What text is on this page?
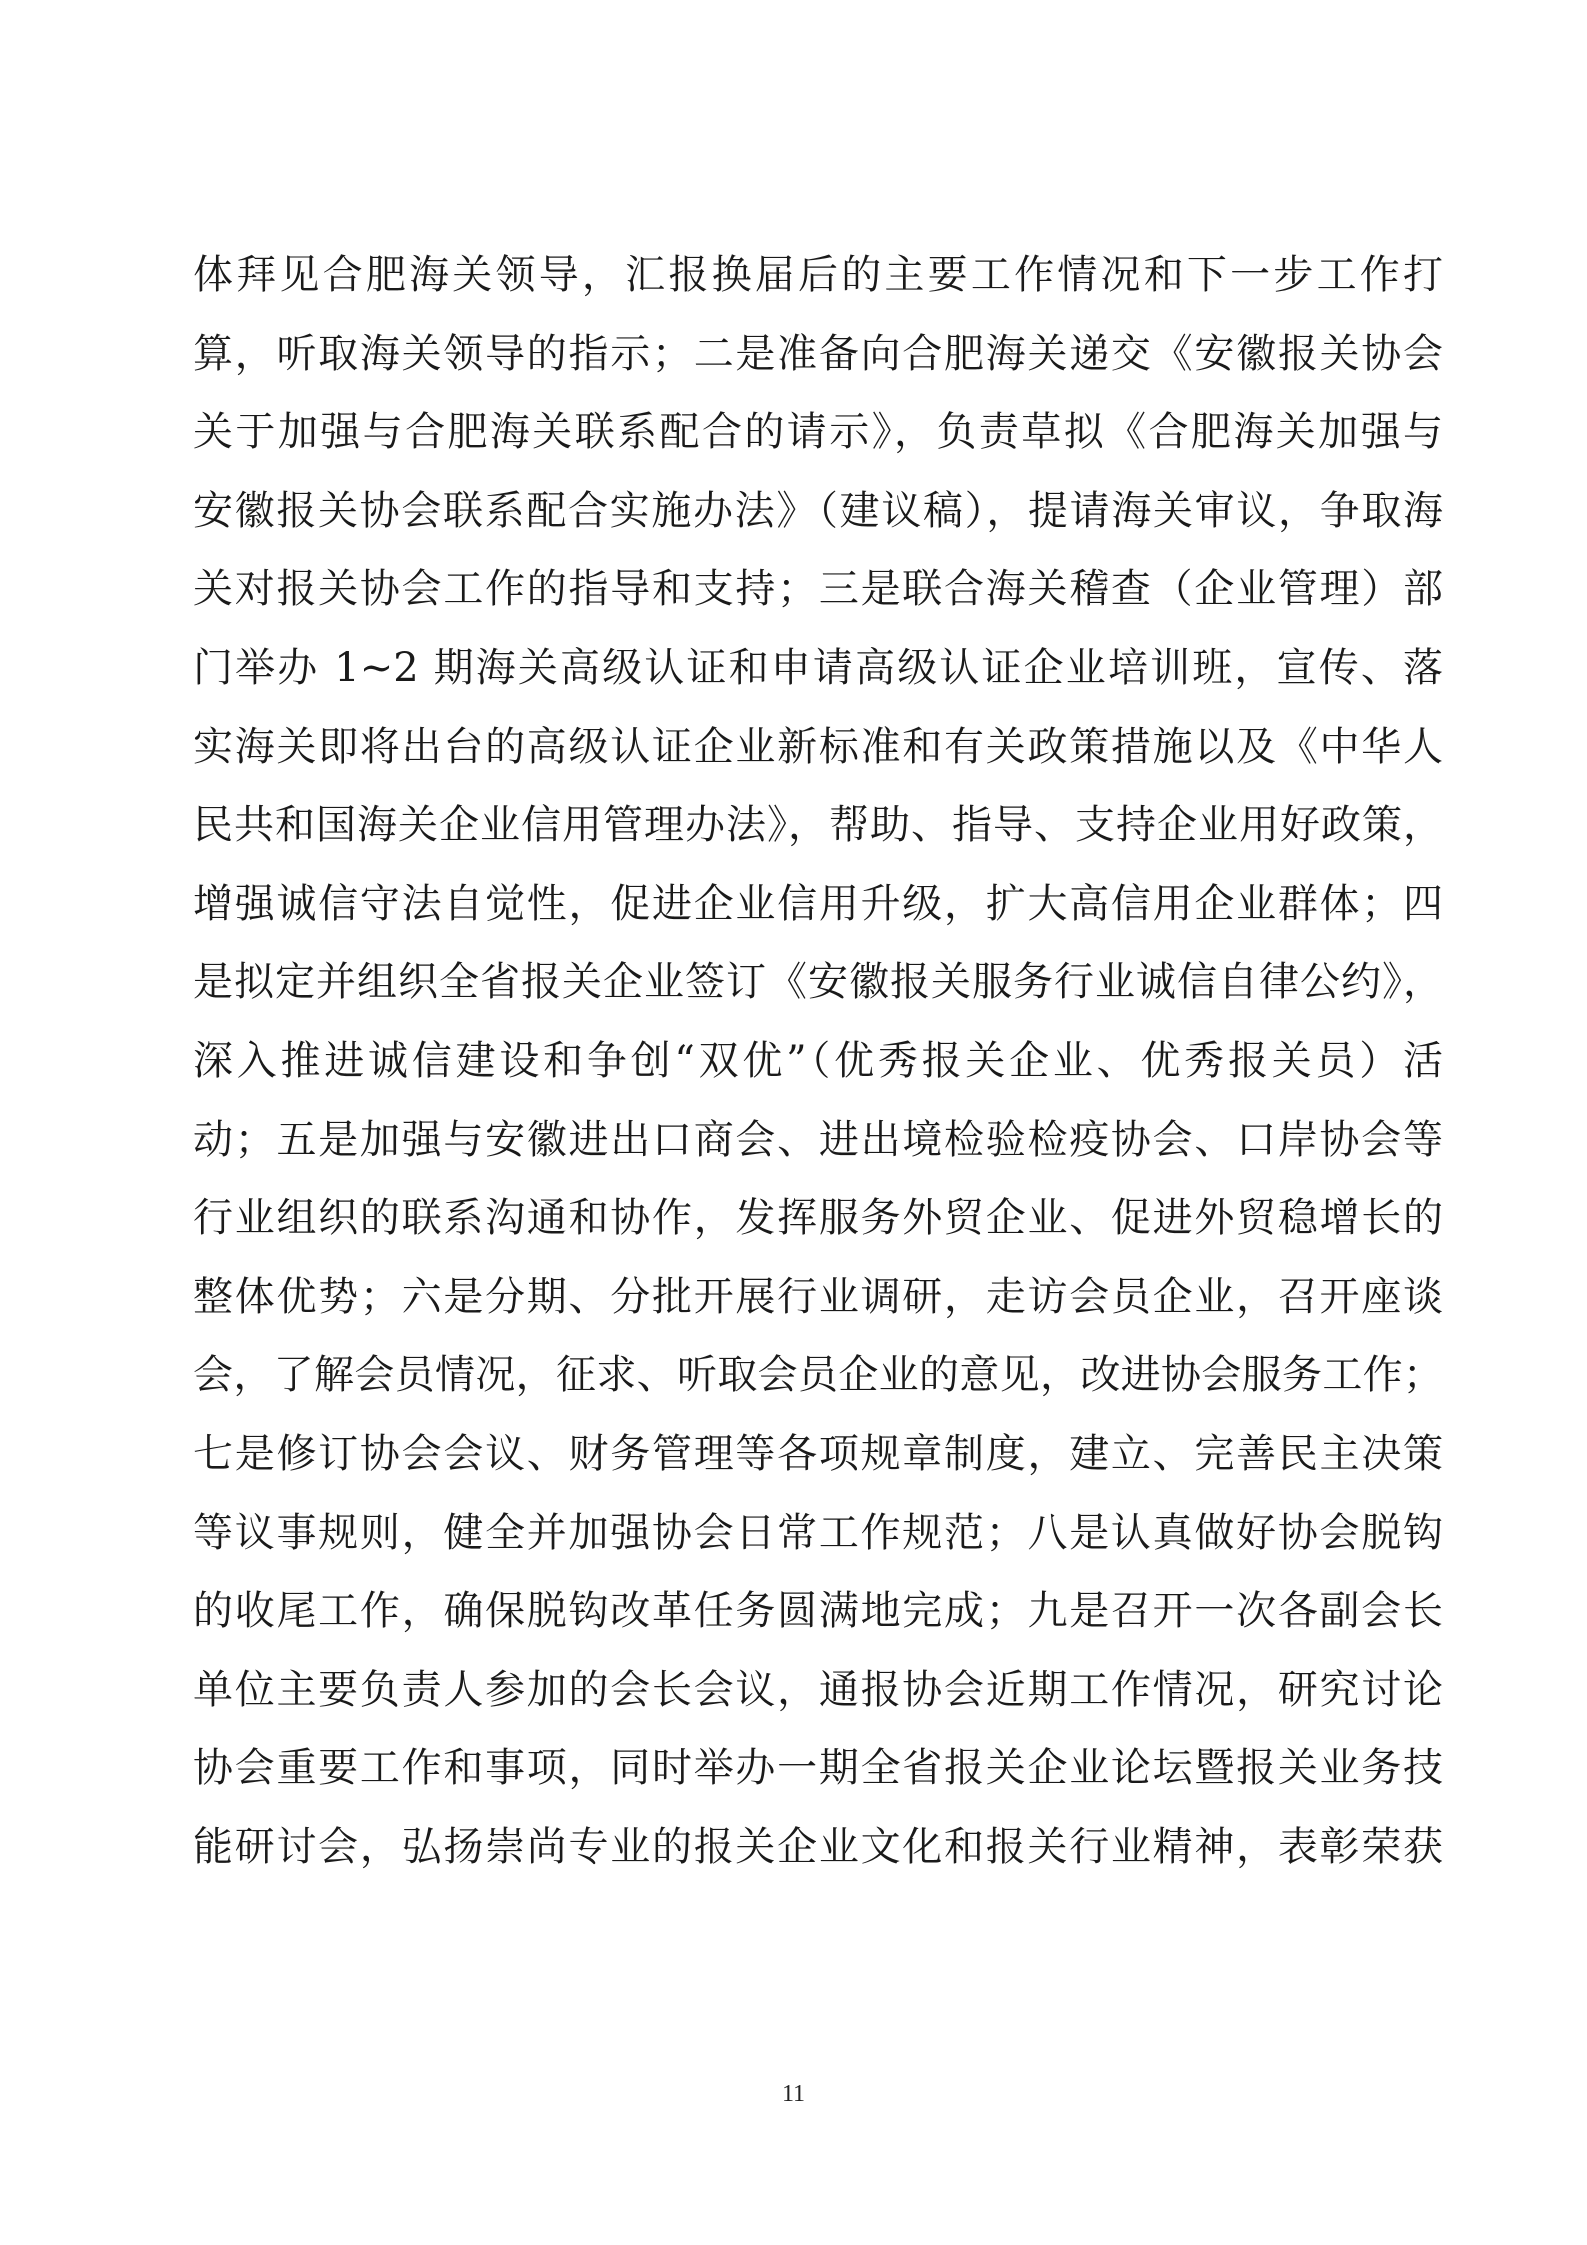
体拜见合肥海关领导，汇报换届后的主要工作情况和下一步工作打
算，听取海关领导的指示；二是准备向合肥海关递交《安徽报关协会
关于加强与合肥海关联系配合的请示》，负责草拟《合肥海关加强与
安徽报关协会联系配合实施办法》（建议稿），提请海关审议，争取海
关对报关协会工作的指导和支持；三是联合海关稽查（企业管理）部
门举办 1~2 期海关高级认证和申请高级认证企业培训班，宣传、落
实海关即将出台的高级认证企业新标准和有关政策措施以及《中华人
民共和国海关企业信用管理办法》，帮助、指导、支持企业用好政策，
增强诚信守法自觉性，促进企业信用升级，扩大高信用企业群体；四
是拟定并组织全省报关企业签订《安徽报关服务行业诚信自律公约》，
深入推进诚信建设和争创“双优”（优秀报关企业、优秀报关员）活
动；五是加强与安徽进出口商会、进出境检验检疫协会、口岸协会等
行业组织的联系沟通和协作，发挥服务外贸企业、促进外贸稳增长的
整体优势；六是分期、分批开展行业调研，走访会员企业，召开座谈
会，了解会员情况，征求、听取会员企业的意见，改进协会服务工作；
七是修订协会会议、财务管理等各项规章制度，建立、完善民主决策
等议事规则，健全并加强协会日常工作规范；八是认真做好协会脱钩
的收尾工作，确保脱钩改革任务圆满地完成；九是召开一次各副会长
单位主要负责人参加的会长会议，通报协会近期工作情况，研究讨论
协会重要工作和事项，同时举办一期全省报关企业论坛暨报关业务技
能研讨会，弘扬崇尚专业的报关企业文化和报关行业精神，表彰荣获
11
